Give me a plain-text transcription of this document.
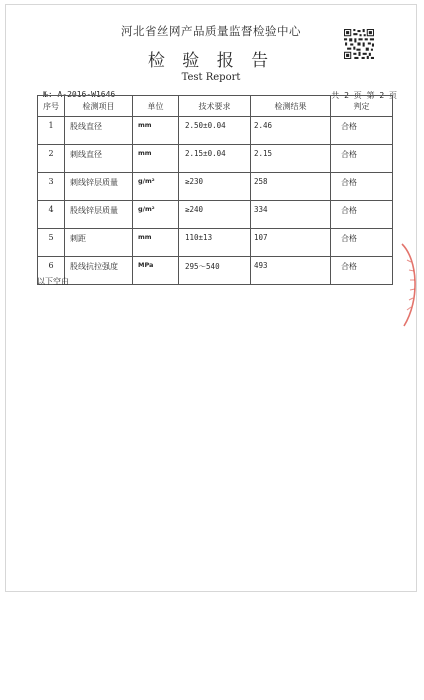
河北省丝网产品质量监督检验中心
检 验 报 告
Test Report
№: A-2016-W1646	共 2 页 第 2 页
序号	检测项目	单位	技术要求	检测结果	判定
1	股线直径	mm	2.50±0.04	2.46	合格
2	刺线直径	mm	2.15±0.04	2.15	合格
3	刺线锌层质量	g/m²	≥230	258	合格
4	股线锌层质量	g/m²	≥240	334	合格
5	刺距	mm	110±13	107	合格
6	股线抗拉强度	MPa	295～540	493	合格
以下空白
